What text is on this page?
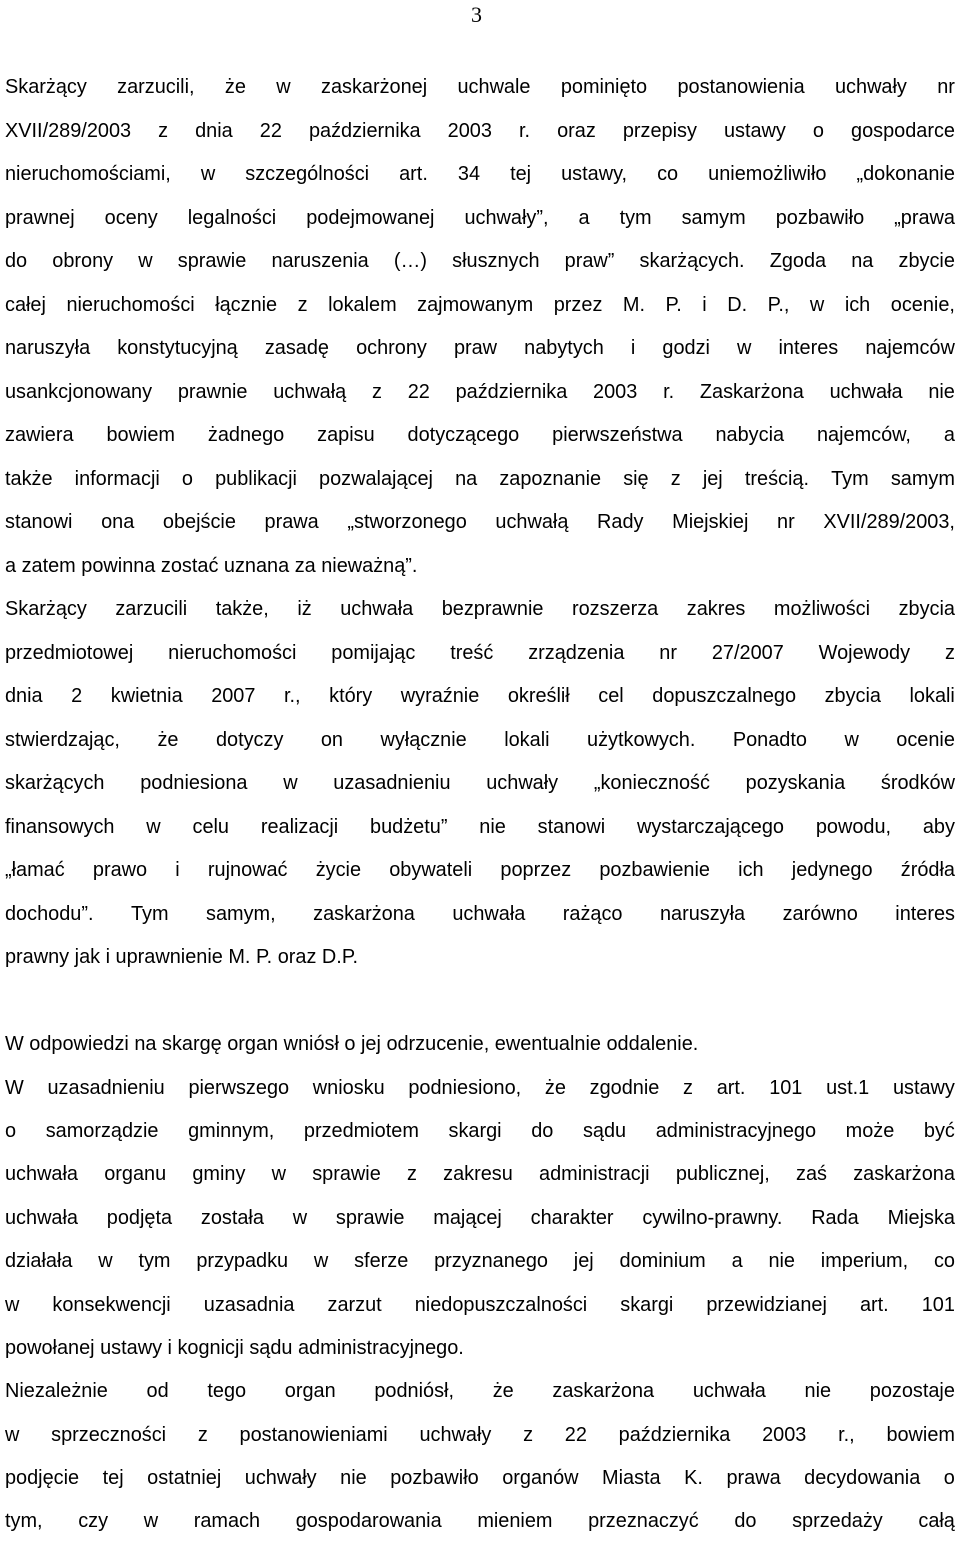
3
Skarżący zarzucili, że w zaskarżonej uchwale pominięto postanowienia uchwały nr
XVII/289/2003 z dnia 22 października 2003 r. oraz przepisy ustawy o gospodarce
nieruchomościami, w szczególności art. 34 tej ustawy, co uniemożliwiło „dokonanie
prawnej oceny legalności podejmowanej uchwały”, a tym samym pozbawiło „prawa
do obrony w sprawie naruszenia (…) słusznych praw” skarżących. Zgoda na zbycie
całej nieruchomości łącznie z lokalem zajmowanym przez M. P. i D. P., w ich ocenie,
naruszyła konstytucyjną zasadę ochrony praw nabytych i godzi w interes najemców
usankcjonowany prawnie uchwałą z 22 października 2003 r. Zaskarżona uchwała nie
zawiera bowiem żadnego zapisu dotyczącego pierwszeństwa nabycia najemców, a
także informacji o publikacji pozwalającej na zapoznanie się z jej treścią. Tym samym
stanowi ona obejście prawa „stworzonego uchwałą Rady Miejskiej nr XVII/289/2003,
a zatem powinna zostać uznana za nieważną”.
Skarżący zarzucili także, iż uchwała bezprawnie rozszerza zakres możliwości zbycia
przedmiotowej nieruchomości pomijając treść zrządzenia nr 27/2007 Wojewody z
dnia 2 kwietnia 2007 r., który wyraźnie określił cel dopuszczalnego zbycia lokali
stwierdzając, że dotyczy on wyłącznie lokali użytkowych. Ponadto w ocenie
skarżących podniesiona w uzasadnieniu uchwały „konieczność pozyskania środków
finansowych w celu realizacji budżetu” nie stanowi wystarczającego powodu, aby
„łamać prawo i rujnować życie obywateli poprzez pozbawienie ich jedynego źródła
dochodu”. Tym samym, zaskarżona uchwała rażąco naruszyła zarówno interes
prawny jak i uprawnienie M. P. oraz D.P.
W odpowiedzi na skargę organ wniósł o jej odrzucenie, ewentualnie oddalenie.
W uzasadnieniu pierwszego wniosku podniesiono, że zgodnie z art. 101 ust.1 ustawy
o samorządzie gminnym, przedmiotem skargi do sądu administracyjnego może być
uchwała organu gminy w sprawie z zakresu administracji publicznej, zaś zaskarżona
uchwała podjęta została w sprawie mającej charakter cywilno-prawny. Rada Miejska
działała w tym przypadku w sferze przyznanego jej dominium a nie imperium, co
w konsekwencji uzasadnia zarzut niedopuszczalności skargi przewidzianej art. 101
powołanej ustawy i kognicji sądu administracyjnego.
Niezależnie od tego organ podniósł, że zaskarżona uchwała nie pozostaje
w sprzeczności z postanowieniami uchwały z 22 października 2003 r., bowiem
podjęcie tej ostatniej uchwały nie pozbawiło organów Miasta K. prawa decydowania o
tym, czy w ramach gospodarowania mieniem przeznaczyć do sprzedaży całą
